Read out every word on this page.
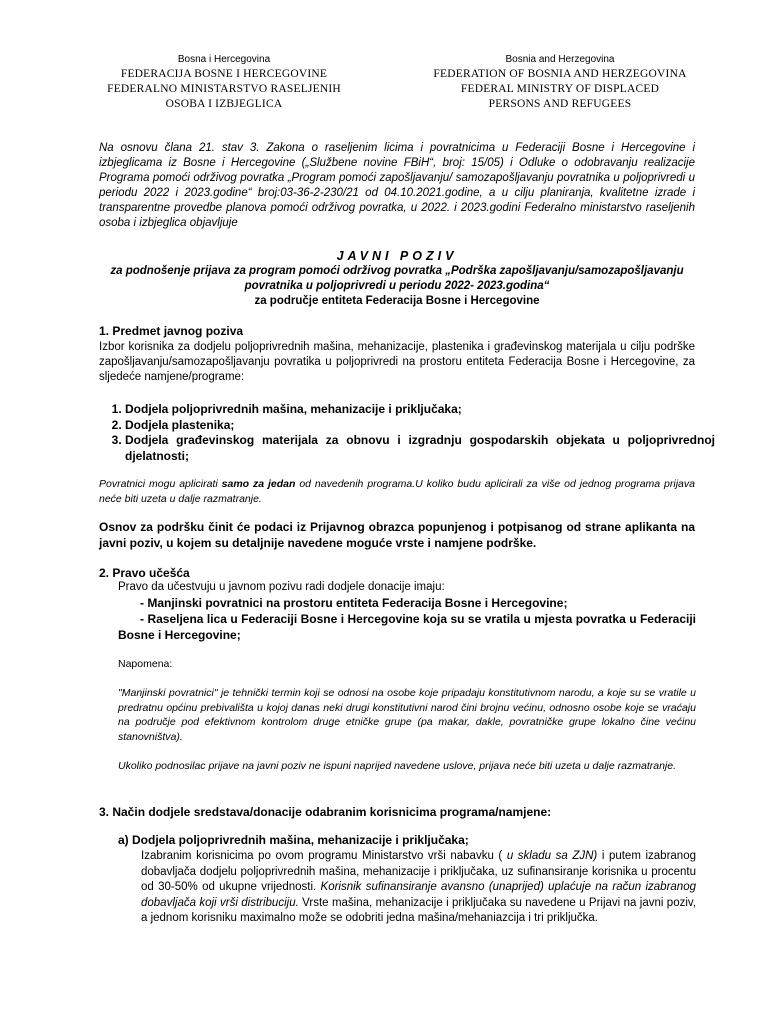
Bosna i Hercegovina
FEDERACIJA BOSNE I HERCEGOVINE
FEDERALNO MINISTARSTVO RASELJENIH
OSOBA I IZBJEGLICA
Bosnia and Herzegovina
FEDERATION OF BOSNIA AND HERZEGOVINA
FEDERAL MINISTRY OF DISPLACED
PERSONS AND REFUGEES
Na osnovu člana 21. stav 3. Zakona o raseljenim licima i povratnicima u Federaciji Bosne i Hercegovine i izbjeglicama iz Bosne i Hercegovine („Službene novine FBiH“, broj: 15/05) i Odluke o odobravanju realizacije Programa pomoći održivog povratka „Program pomoći zapošljavanju/ samozapošljavanju povratnika u poljoprivredi u periodu 2022 i 2023.godine“ broj:03-36-2-230/21 od 04.10.2021.godine, a u cilju planiranja, kvalitetne izrade i transparentne provedbe planova pomoći održivog povratka, u 2022. i 2023.godini Federalno ministarstvo raseljenih osoba i izbjeglica objavljuje
JAVNI POZIV
za podnošenje prijava za program pomoći održivog povratka „Podrška zapošljavanju/samozapošljavanju povratnika u poljoprivredi u periodu 2022- 2023.godina“
za područje entiteta Federacija Bosne i Hercegovine
1. Predmet javnog poziva
Izbor korisnika za dodjelu poljoprivrednih mašina, mehanizacije, plastenika i građevinskog materijala u cilju podrške zapošljavanju/samozapošljavanju povratika u poljoprivredi na prostoru entiteta Federacija Bosne i Hercegovine, za sljedeće namjene/programe:
1. Dodjela poljoprivrednih mašina, mehanizacije i priključaka;
2. Dodjela plastenika;
3. Dodjela građevinskog materijala za obnovu i izgradnju gospodarskih objekata u poljoprivrednoj djelatnosti;
Povratnici mogu aplicirati samo za jedan od navedenih programa.U koliko budu aplicirali za više od jednog programa prijava neće biti uzeta u dalje razmatranje.
Osnov za podršku činit će podaci iz Prijavnog obrazca popunjenog i potpisanog od strane aplikanta na javni poziv, u kojem su detaljnije navedene moguće vrste i namjene podrške.
2. Pravo učešća
Pravo da učestvuju u javnom pozivu radi dodjele donacije imaju:
- Manjinski povratnici na prostoru entiteta Federacija Bosne i Hercegovine;
- Raseljena lica u Federaciji Bosne i Hercegovine koja su se vratila u mjesta povratka u Federaciji Bosne i Hercegovine;
Napomena:
"Manjinski povratnici" je tehnički termin koji se odnosi na osobe koje pripadaju konstitutivnom narodu, a koje su se vratile u predratnu općinu prebivališta u kojoj danas neki drugi konstitutivni narod čini brojnu većinu, odnosno osobe koje se vraćaju na područje pod efektivnom kontrolom druge etničke grupe (pa makar, dakle, povratničke grupe lokalno čine većinu stanovništva).
Ukoliko podnosilac prijave na javni poziv ne ispuni naprijed navedene uslove, prijava neće biti uzeta u dalje razmatranje.
3. Način dodjele sredstava/donacije odabranim korisnicima programa/namjene:
a) Dodjela poljoprivrednih mašina, mehanizacije i priključaka;
Izabranim korisnicima po ovom programu Ministarstvo vrši nabavku ( u skladu sa ZJN) i putem izabranog dobavljača dodjelu poljoprivrednih mašina, mehanizacije i priključaka, uz sufinansiranje korisnika u procentu od 30-50% od ukupne vrijednosti. Korisnik sufinansiranje avansno (unaprijed) uplaćuje na račun izabranog dobavljača koji vrši distribuciju. Vrste mašina, mehanizacije i priključaka su navedene u Prijavi na javni poziv, a jednom korisniku maximalno može se odobriti jedna mašina/mehaniazcija i tri priključka.
